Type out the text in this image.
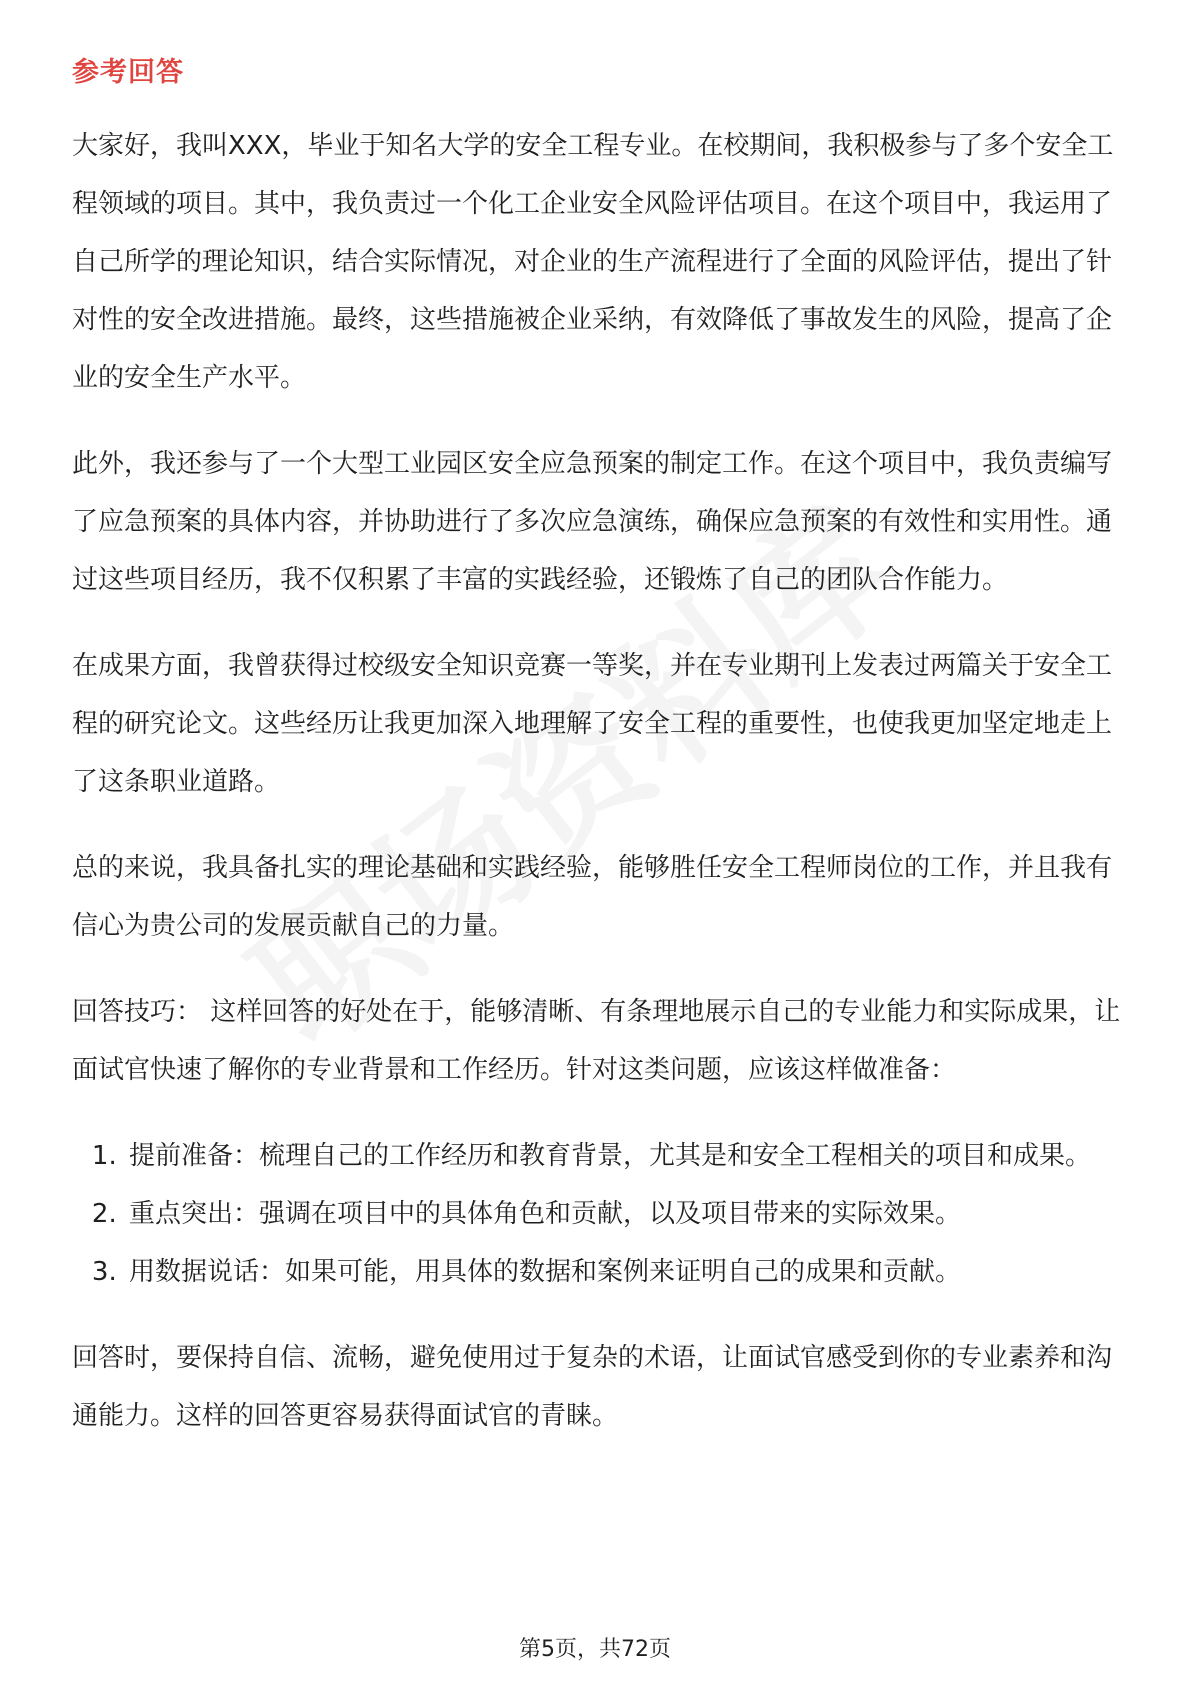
参考回答

大家好，我叫XXX，毕业于知名大学的安全工程专业。在校期间，我积极参与了多个安全工程领域的项目。其中，我负责过一个化工企业安全风险评估项目。在这个项目中，我运用了自己所学的理论知识，结合实际情况，对企业的生产流程进行了全面的风险评估，提出了针对性的安全改进措施。最终，这些措施被企业采纳，有效降低了事故发生的风险，提高了企业的安全生产水平。

此外，我还参与了一个大型工业园区安全应急预案的制定工作。在这个项目中，我负责编写了应急预案的具体内容，并协助进行了多次应急演练，确保应急预案的有效性和实用性。通过这些项目经历，我不仅积累了丰富的实践经验，还锻炼了自己的团队合作能力。

在成果方面，我曾获得过校级安全知识竞赛一等奖，并在专业期刊上发表过两篇关于安全工程的研究论文。这些经历让我更加深入地理解了安全工程的重要性，也使我更加坚定地走上了这条职业道路。

总的来说，我具备扎实的理论基础和实践经验，能够胜任安全工程师岗位的工作，并且我有信心为贵公司的发展贡献自己的力量。

回答技巧： 这样回答的好处在于，能够清晰、有条理地展示自己的专业能力和实际成果，让面试官快速了解你的专业背景和工作经历。针对这类问题，应该这样做准备：

1. 提前准备：梳理自己的工作经历和教育背景，尤其是和安全工程相关的项目和成果。
2. 重点突出：强调在项目中的具体角色和贡献，以及项目带来的实际效果。
3. 用数据说话：如果可能，用具体的数据和案例来证明自己的成果和贡献。

回答时，要保持自信、流畅，避免使用过于复杂的术语，让面试官感受到你的专业素养和沟通能力。这样的回答更容易获得面试官的青睐。

第5页，共72页
